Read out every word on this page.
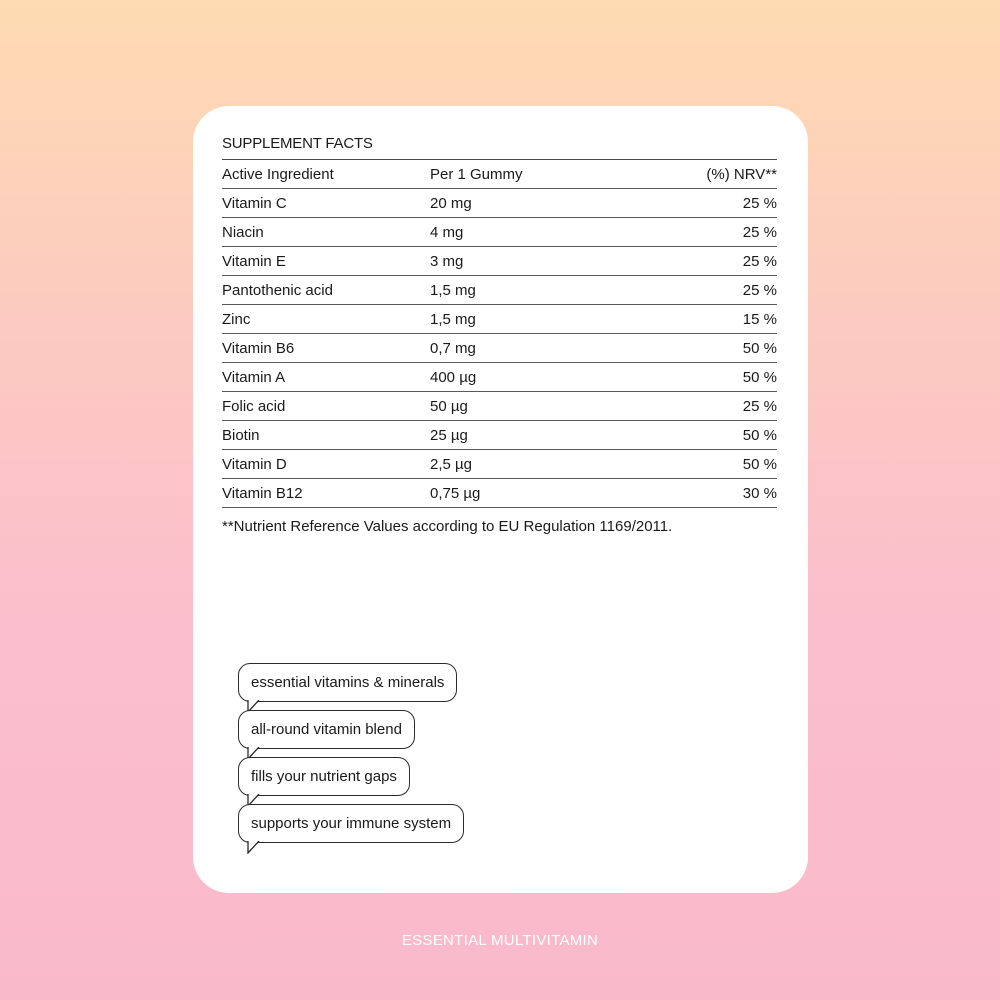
SUPPLEMENT FACTS
Active Ingredient	Per 1 Gummy	(%) NRV**
Vitamin C	20 mg	25 %
Niacin	4 mg	25 %
Vitamin E	3 mg	25 %
Pantothenic acid	1,5 mg	25 %
Zinc	1,5 mg	15 %
Vitamin B6	0,7 mg	50 %
Vitamin A	400 µg	50 %
Folic acid	50 µg	25 %
Biotin	25 µg	50 %
Vitamin D	2,5 µg	50 %
Vitamin B12	0,75 µg	30 %
**Nutrient Reference Values according to EU Regulation 1169/2011.
essential vitamins & minerals
all-round vitamin blend
fills your nutrient gaps
supports your immune system
ESSENTIAL MULTIVITAMIN
